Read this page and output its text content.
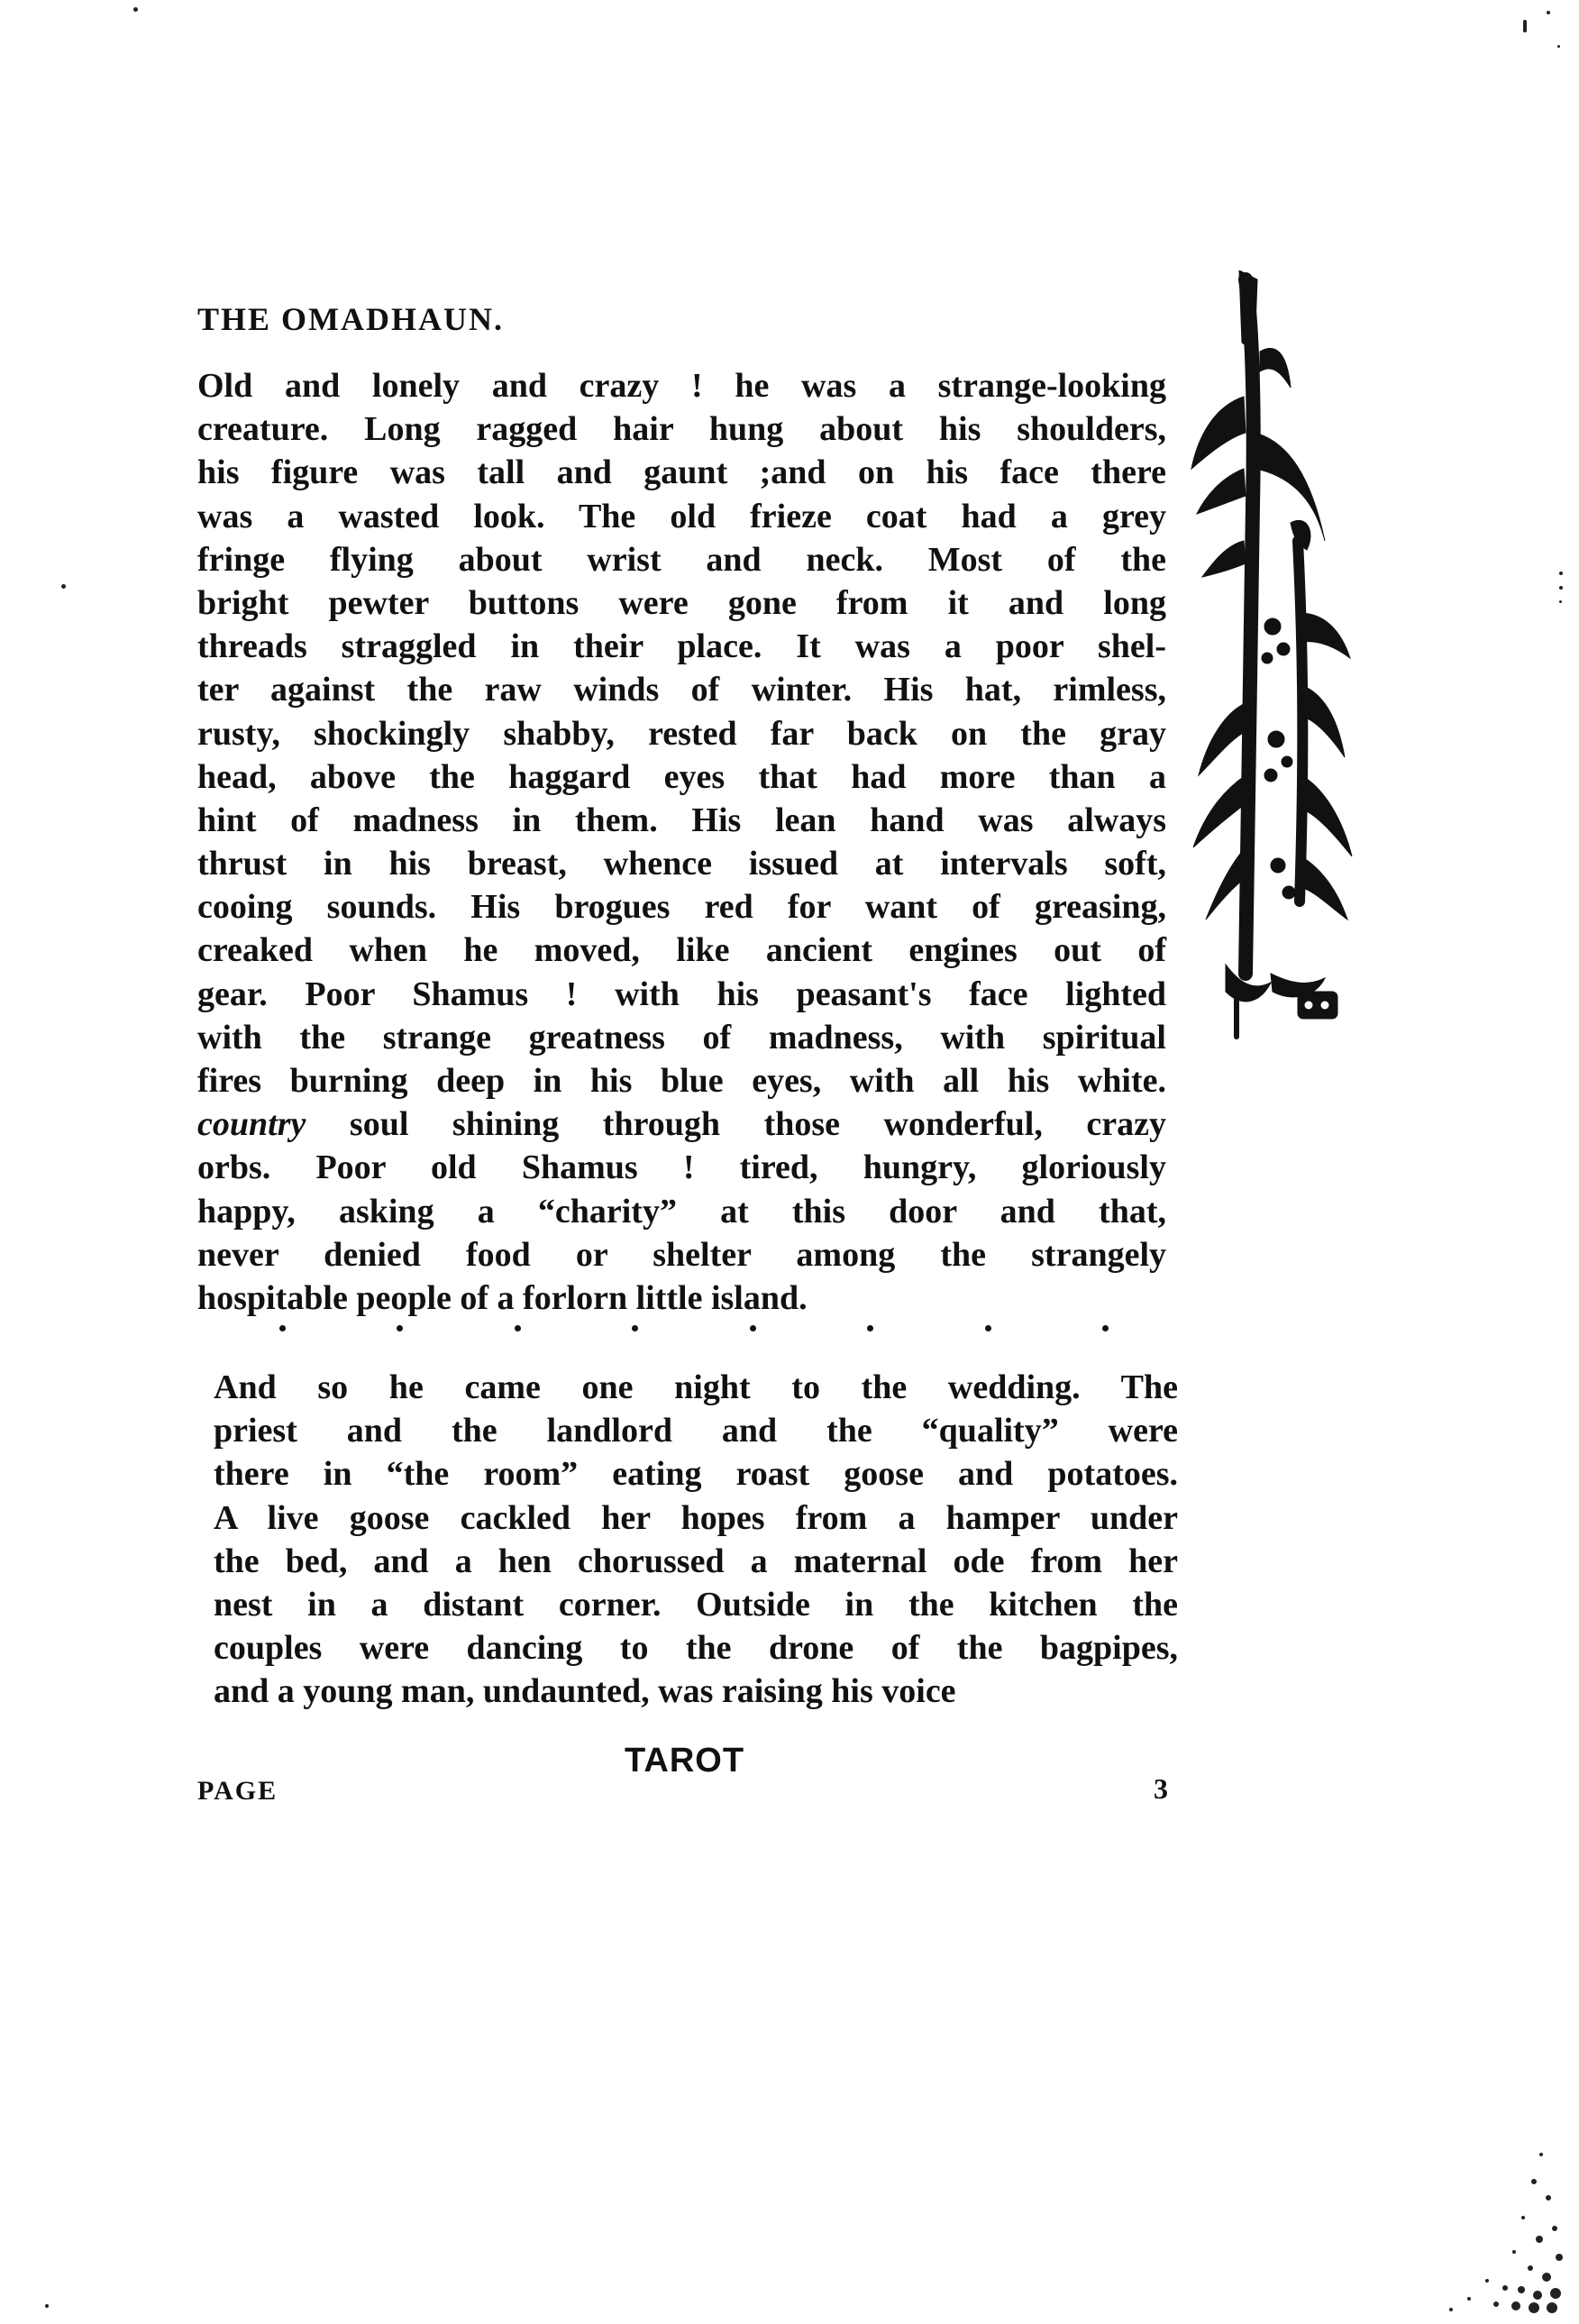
THE OMADHAUN.
Old and lonely and crazy ! he was a strange-looking
creature. Long ragged hair hung about his shoulders,
his figure was tall and gaunt ;and on his face there
was a wasted look. The old frieze coat had a grey
fringe flying about wrist and neck. Most of the
bright pewter buttons were gone from it and long
threads straggled in their place. It was a poor shel-
ter against the raw winds of winter. His hat, rimless,
rusty, shockingly shabby, rested far back on the gray
head, above the haggard eyes that had more than a
hint of madness in them. His lean hand was always
thrust in his breast, whence issued at intervals soft,
cooing sounds. His brogues red for want of greasing,
creaked when he moved, like ancient engines out of
gear. Poor Shamus ! with his peasant's face lighted
with the strange greatness of madness, with spiritual
fires burning deep in his blue eyes, with all his white.
country soul shining through those wonderful, crazy
orbs. Poor old Shamus ! tired, hungry, gloriously
happy, asking a “charity” at this door and that,
never denied food or shelter among the strangely
hospitable people of a forlorn little island.
And so he came one night to the wedding. The
priest and the landlord and the “quality” were
there in “the room” eating roast goose and potatoes.
A live goose cackled her hopes from a hamper under
the bed, and a hen chorussed a maternal ode from her
nest in a distant corner. Outside in the kitchen the
couples were dancing to the drone of the bagpipes,
and a young man, undaunted, was raising his voice
TAROT
PAGE	3
